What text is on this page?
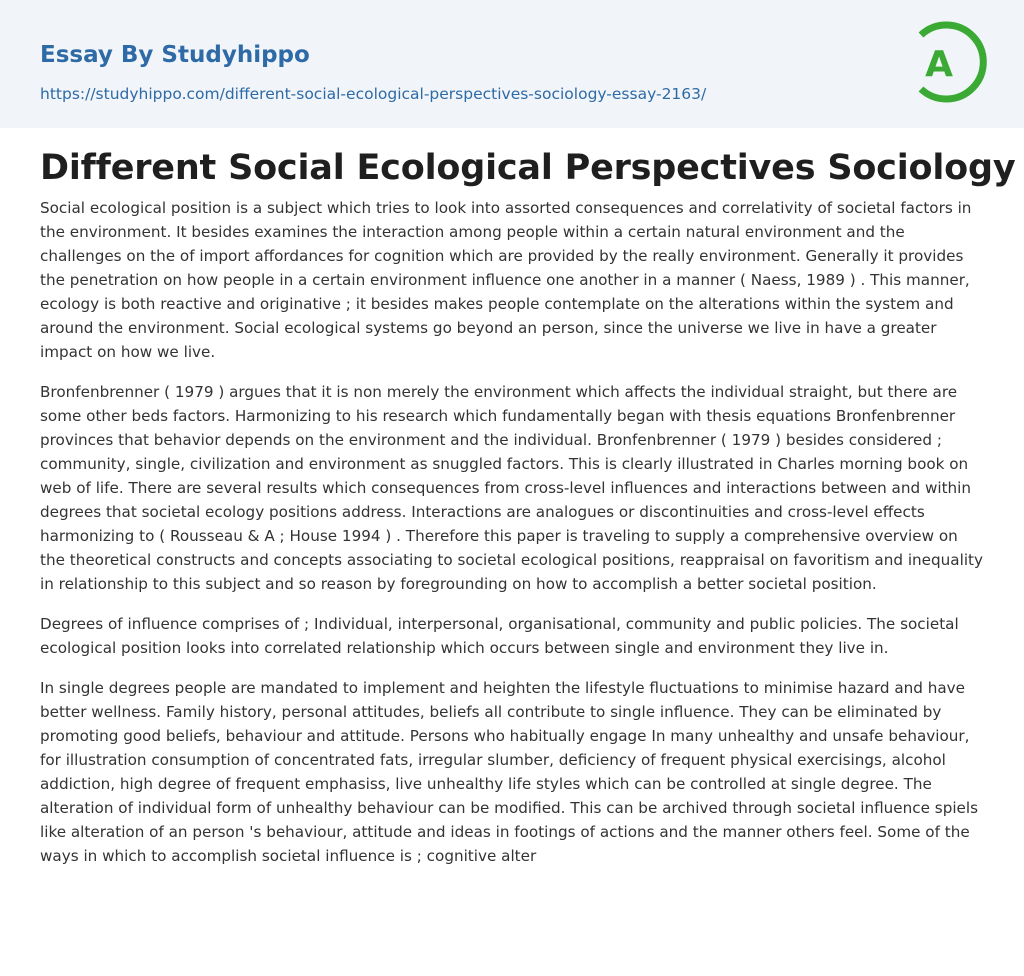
Essay By Studyhippo
https://studyhippo.com/different-social-ecological-perspectives-sociology-essay-2163/
A
Different Social Ecological Perspectives Sociology

Social ecological position is a subject which tries to look into assorted consequences and correlativity of societal factors in the environment. It besides examines the interaction among people within a certain natural environment and the challenges on the of import affordances for cognition which are provided by the really environment. Generally it provides the penetration on how people in a certain environment influence one another in a manner ( Naess, 1989 ) . This manner, ecology is both reactive and originative ; it besides makes people contemplate on the alterations within the system and around the environment. Social ecological systems go beyond an person, since the universe we live in have a greater impact on how we live.

Bronfenbrenner ( 1979 ) argues that it is non merely the environment which affects the individual straight, but there are some other beds factors. Harmonizing to his research which fundamentally began with thesis equations Bronfenbrenner provinces that behavior depends on the environment and the individual. Bronfenbrenner ( 1979 ) besides considered ; community, single, civilization and environment as snuggled factors. This is clearly illustrated in Charles morning book on web of life. There are several results which consequences from cross-level influences and interactions between and within degrees that societal ecology positions address. Interactions are analogues or discontinuities and cross-level effects harmonizing to ( Rousseau & A ; House 1994 ) . Therefore this paper is traveling to supply a comprehensive overview on the theoretical constructs and concepts associating to societal ecological positions, reappraisal on favoritism and inequality in relationship to this subject and so reason by foregrounding on how to accomplish a better societal position.

Degrees of influence comprises of ; Individual, interpersonal, organisational, community and public policies. The societal ecological position looks into correlated relationship which occurs between single and environment they live in.

In single degrees people are mandated to implement and heighten the lifestyle fluctuations to minimise hazard and have better wellness. Family history, personal attitudes, beliefs all contribute to single influence. They can be eliminated by promoting good beliefs, behaviour and attitude. Persons who habitually engage In many unhealthy and unsafe behaviour, for illustration consumption of concentrated fats, irregular slumber, deficiency of frequent physical exercisings, alcohol addiction, high degree of frequent emphasiss, live unhealthy life styles which can be controlled at single degree. The alteration of individual form of unhealthy behaviour can be modified. This can be archived through societal influence spiels like alteration of an person 's behaviour, attitude and ideas in footings of actions and the manner others feel. Some of the ways in which to accomplish societal influence is ; cognitive alter
